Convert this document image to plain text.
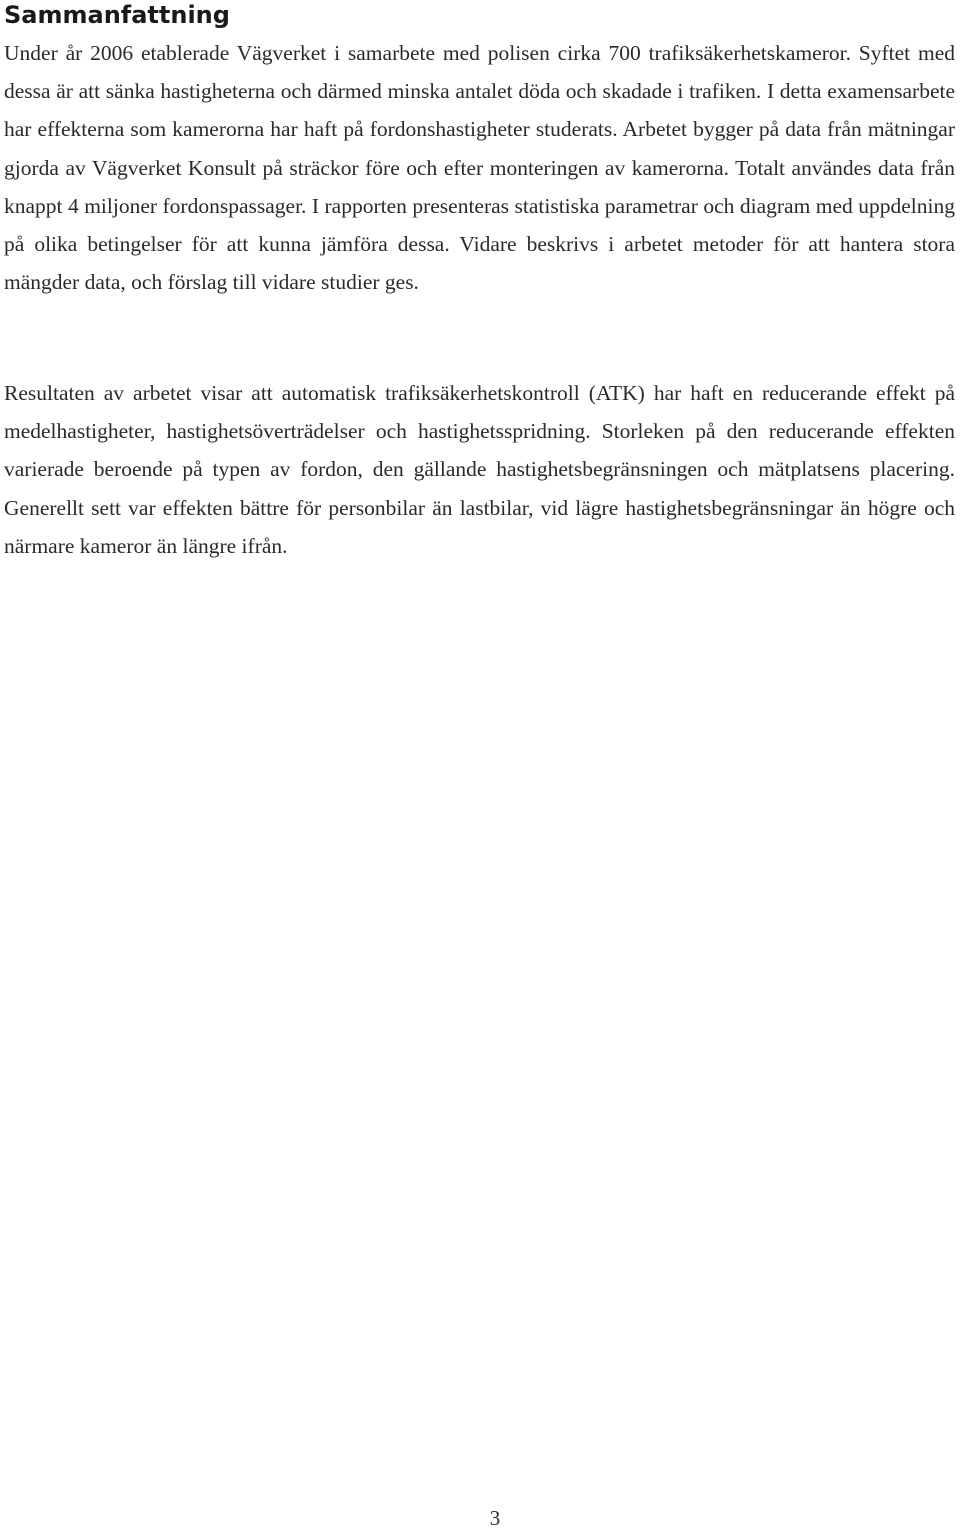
Sammanfattning

Under år 2006 etablerade Vägverket i samarbete med polisen cirka 700 trafiksäkerhetskameror. Syftet med dessa är att sänka hastigheterna och därmed minska antalet döda och skadade i trafiken. I detta examensarbete har effekterna som kamerorna har haft på fordonshastigheter studerats. Arbetet bygger på data från mätningar gjorda av Vägverket Konsult på sträckor före och efter monteringen av kamerorna. Totalt användes data från knappt 4 miljoner fordonspassager. I rapporten presenteras statistiska parametrar och diagram med uppdelning på olika betingelser för att kunna jämföra dessa. Vidare beskrivs i arbetet metoder för att hantera stora mängder data, och förslag till vidare studier ges.

Resultaten av arbetet visar att automatisk trafiksäkerhetskontroll (ATK) har haft en reducerande effekt på medelhastigheter, hastighetsöverträdelser och hastighetsspridning. Storleken på den reducerande effekten varierade beroende på typen av fordon, den gällande hastighetsbegränsningen och mätplatsens placering. Generellt sett var effekten bättre för personbilar än lastbilar, vid lägre hastighetsbegränsningar än högre och närmare kameror än längre ifrån.

3
